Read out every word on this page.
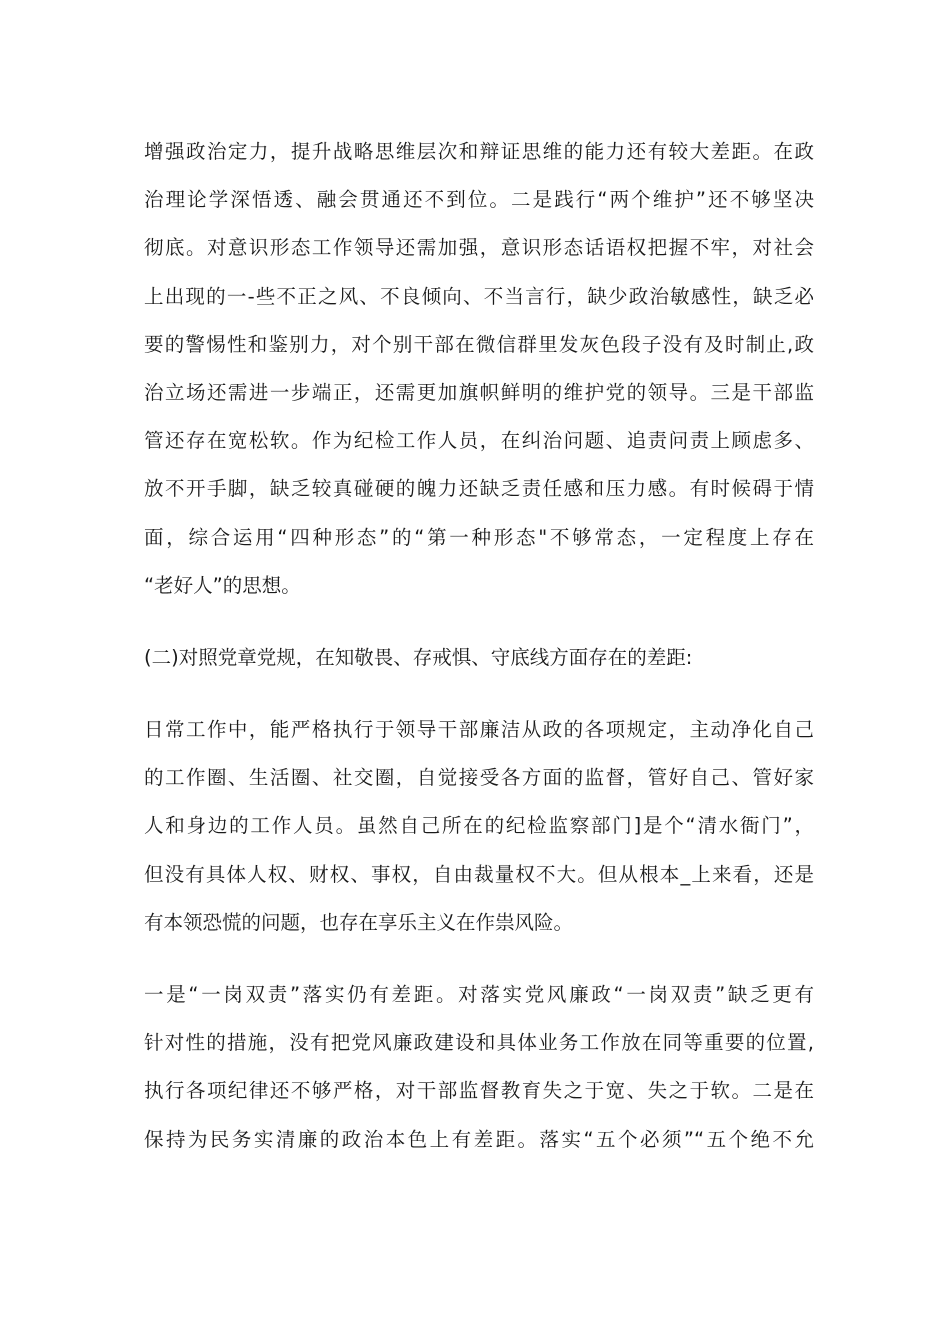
增强政治定力，提升战略思维层次和辩证思维的能力还有较大差距。在政
治理论学深悟透、融会贯通还不到位。二是践行“两个维护”还不够坚决
彻底。对意识形态工作领导还需加强，意识形态话语权把握不牢，对社会
上出现的一-些不正之风、不良倾向、不当言行，缺少政治敏感性，缺乏必
要的警惕性和鉴别力，对个别干部在微信群里发灰色段子没有及时制止,政
治立场还需进一步端正，还需更加旗帜鲜明的维护党的领导。三是干部监
管还存在宽松软。作为纪检工作人员，在纠治问题、追责问责上顾虑多、
放不开手脚，缺乏较真碰硬的魄力还缺乏责任感和压力感。有时候碍于情
面，综合运用“四种形态”的“第一种形态"不够常态，一定程度上存在
“老好人”的思想。
(二)对照党章党规，在知敬畏、存戒惧、守底线方面存在的差距:
日常工作中，能严格执行于领导干部廉洁从政的各项规定，主动净化自己
的工作圈、生活圈、社交圈，自觉接受各方面的监督，管好自己、管好家
人和身边的工作人员。虽然自己所在的纪检监察部门]是个“清水衙门”，
但没有具体人权、财权、事权，自由裁量权不大。但从根本_上来看，还是
有本领恐慌的问题，也存在享乐主义在作祟风险。
一是“一岗双责”落实仍有差距。对落实党风廉政“一岗双责”缺乏更有
针对性的措施，没有把党风廉政建设和具体业务工作放在同等重要的位置,
执行各项纪律还不够严格，对干部监督教育失之于宽、失之于软。二是在
保持为民务实清廉的政治本色上有差距。落实“五个必须”“五个绝不允
